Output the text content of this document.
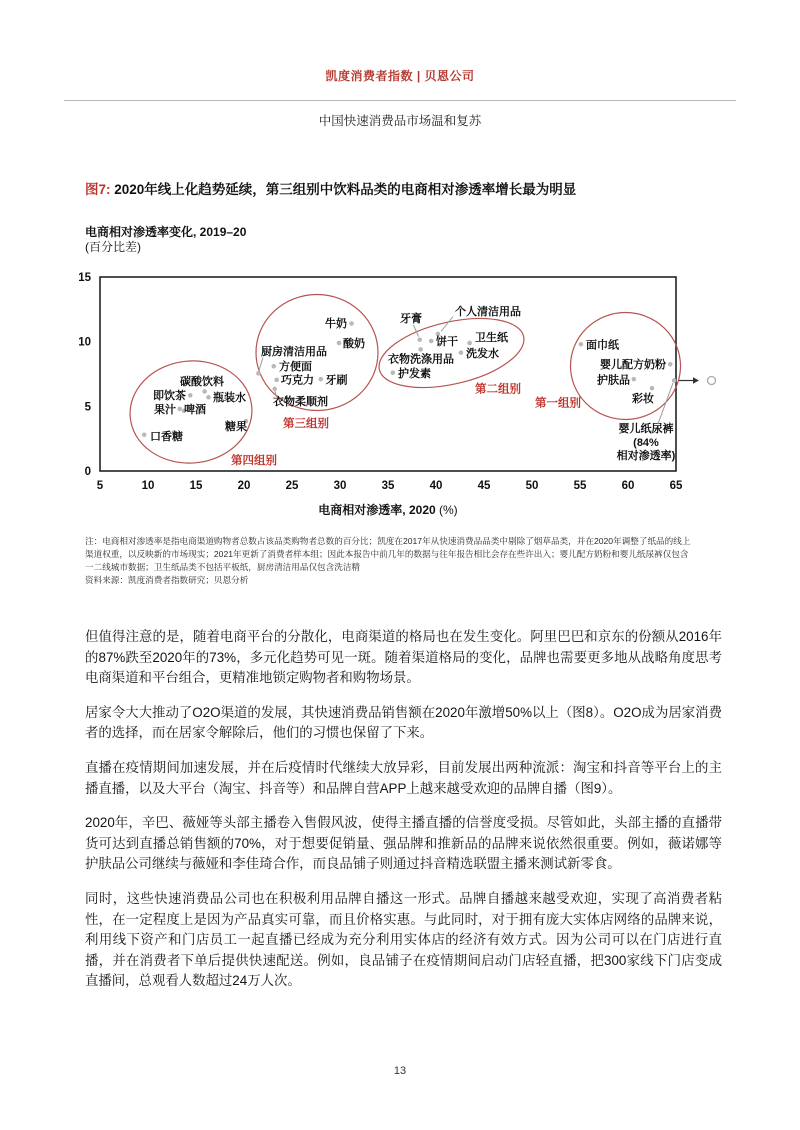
凯度消费者指数 | 贝恩公司
中国快速消费品市场温和复苏
图7: 2020年线上化趋势延续，第三组别中饮料品类的电商相对渗透率增长最为明显
电商相对渗透率变化, 2019–20
(百分比差)
0
5
10
15
5	10	15	20	25	30	35	40	45	50	55	60	65
第一组别
面巾纸
婴儿配方奶粉
护肤品
彩妆
第二组别
牙膏
个人清洁用品
饼干 卫生纸
洗发水
衣物洗涤用品
护发素
第三组别
牛奶
酸奶
厨房清洁用品
方便面
巧克力 牙刷
衣物柔顺剂
第四组别
碳酸饮料
即饮茶 瓶装水
果汁 啤酒
糖果
口香糖
婴儿纸尿裤
(84%
相对渗透率)
电商相对渗透率, 2020 (%)
注：电商相对渗透率是指电商渠道购物者总数占该品类购物者总数的百分比；凯度在2017年从快速消费品品类中剔除了烟草品类，并在2020年调整了纸品的线上
渠道权重，以反映新的市场现实；2021年更新了消费者样本组；因此本报告中前几年的数据与往年报告相比会存在些许出入；婴儿配方奶粉和婴儿纸尿裤仅包含
一二线城市数据；卫生纸品类不包括平板纸，厨房清洁用品仅包含洗洁精
资料来源：凯度消费者指数研究；贝恩分析

但值得注意的是，随着电商平台的分散化，电商渠道的格局也在发生变化。阿里巴巴和京东的份额从2016年的87%跌至2020年的73%，多元化趋势可见一斑。随着渠道格局的变化，品牌也需要更多地从战略角度思考电商渠道和平台组合，更精准地锁定购物者和购物场景。

居家令大大推动了O2O渠道的发展，其快速消费品销售额在2020年激增50%以上（图8）。O2O成为居家消费者的选择，而在居家令解除后，他们的习惯也保留了下来。

直播在疫情期间加速发展，并在后疫情时代继续大放异彩，目前发展出两种流派：淘宝和抖音等平台上的主播直播，以及大平台（淘宝、抖音等）和品牌自营APP上越来越受欢迎的品牌自播（图9）。

2020年，辛巴、薇娅等头部主播卷入售假风波，使得主播直播的信誉度受损。尽管如此，头部主播的直播带货可达到直播总销售额的70%，对于想要促销量、强品牌和推新品的品牌来说依然很重要。例如，薇诺娜等护肤品公司继续与薇娅和李佳琦合作，而良品铺子则通过抖音精选联盟主播来测试新零食。

同时，这些快速消费品公司也在积极利用品牌自播这一形式。品牌自播越来越受欢迎，实现了高消费者粘性，在一定程度上是因为产品真实可靠，而且价格实惠。与此同时，对于拥有庞大实体店网络的品牌来说，利用线下资产和门店员工一起直播已经成为充分利用实体店的经济有效方式。因为公司可以在门店进行直播，并在消费者下单后提供快速配送。例如，良品铺子在疫情期间启动门店轻直播，把300家线下门店变成直播间，总观看人数超过24万人次。

13
